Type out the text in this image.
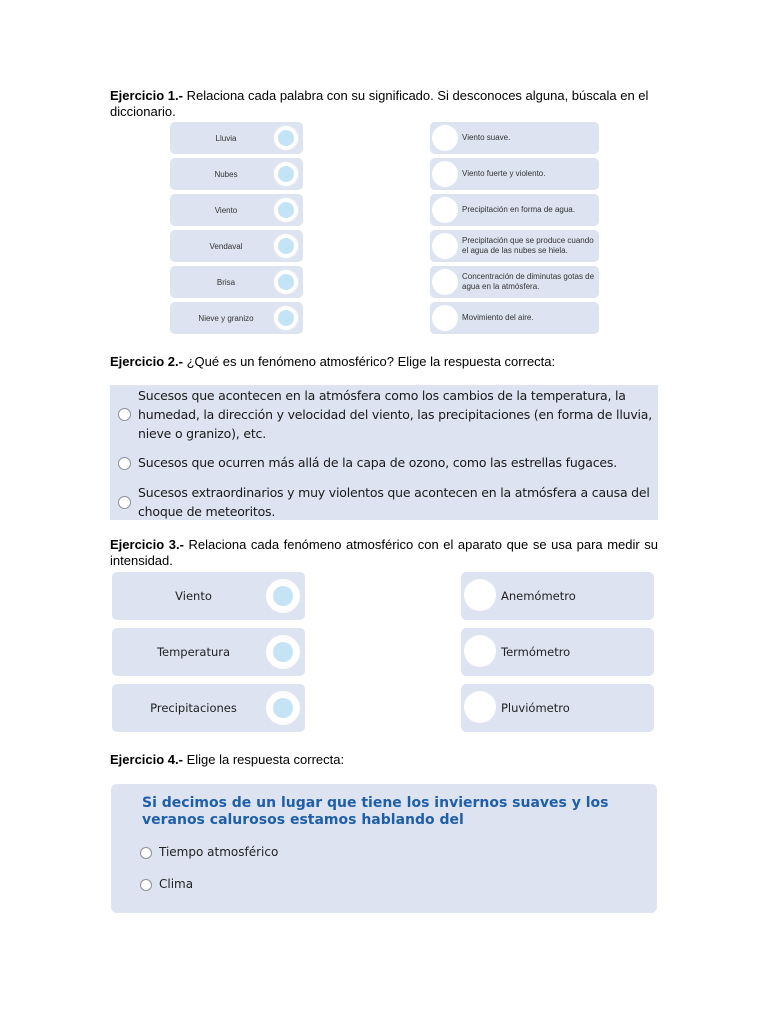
Ejercicio 1.- Relaciona cada palabra con su significado. Si desconoces alguna, búscala en el diccionario.
Lluvia
Nubes
Viento
Vendaval
Brisa
Nieve y granizo
Viento suave.
Viento fuerte y violento.
Precipitación en forma de agua.
Precipitación que se produce cuando el agua de las nubes se hiela.
Concentración de diminutas gotas de agua en la atmósfera.
Movimiento del aire.
Ejercicio 2.- ¿Qué es un fenómeno atmosférico? Elige la respuesta correcta:
Sucesos que acontecen en la atmósfera como los cambios de la temperatura, la humedad, la dirección y velocidad del viento, las precipitaciones (en forma de lluvia, nieve o granizo), etc.
Sucesos que ocurren más allá de la capa de ozono, como las estrellas fugaces.
Sucesos extraordinarios y muy violentos que acontecen en la atmósfera a causa del choque de meteoritos.
Ejercicio 3.- Relaciona cada fenómeno atmosférico con el aparato que se usa para medir su intensidad.
Viento
Temperatura
Precipitaciones
Anemómetro
Termómetro
Pluviómetro
Ejercicio 4.- Elige la respuesta correcta:
Si decimos de un lugar que tiene los inviernos suaves y los veranos calurosos estamos hablando del
Tiempo atmosférico
Clima
